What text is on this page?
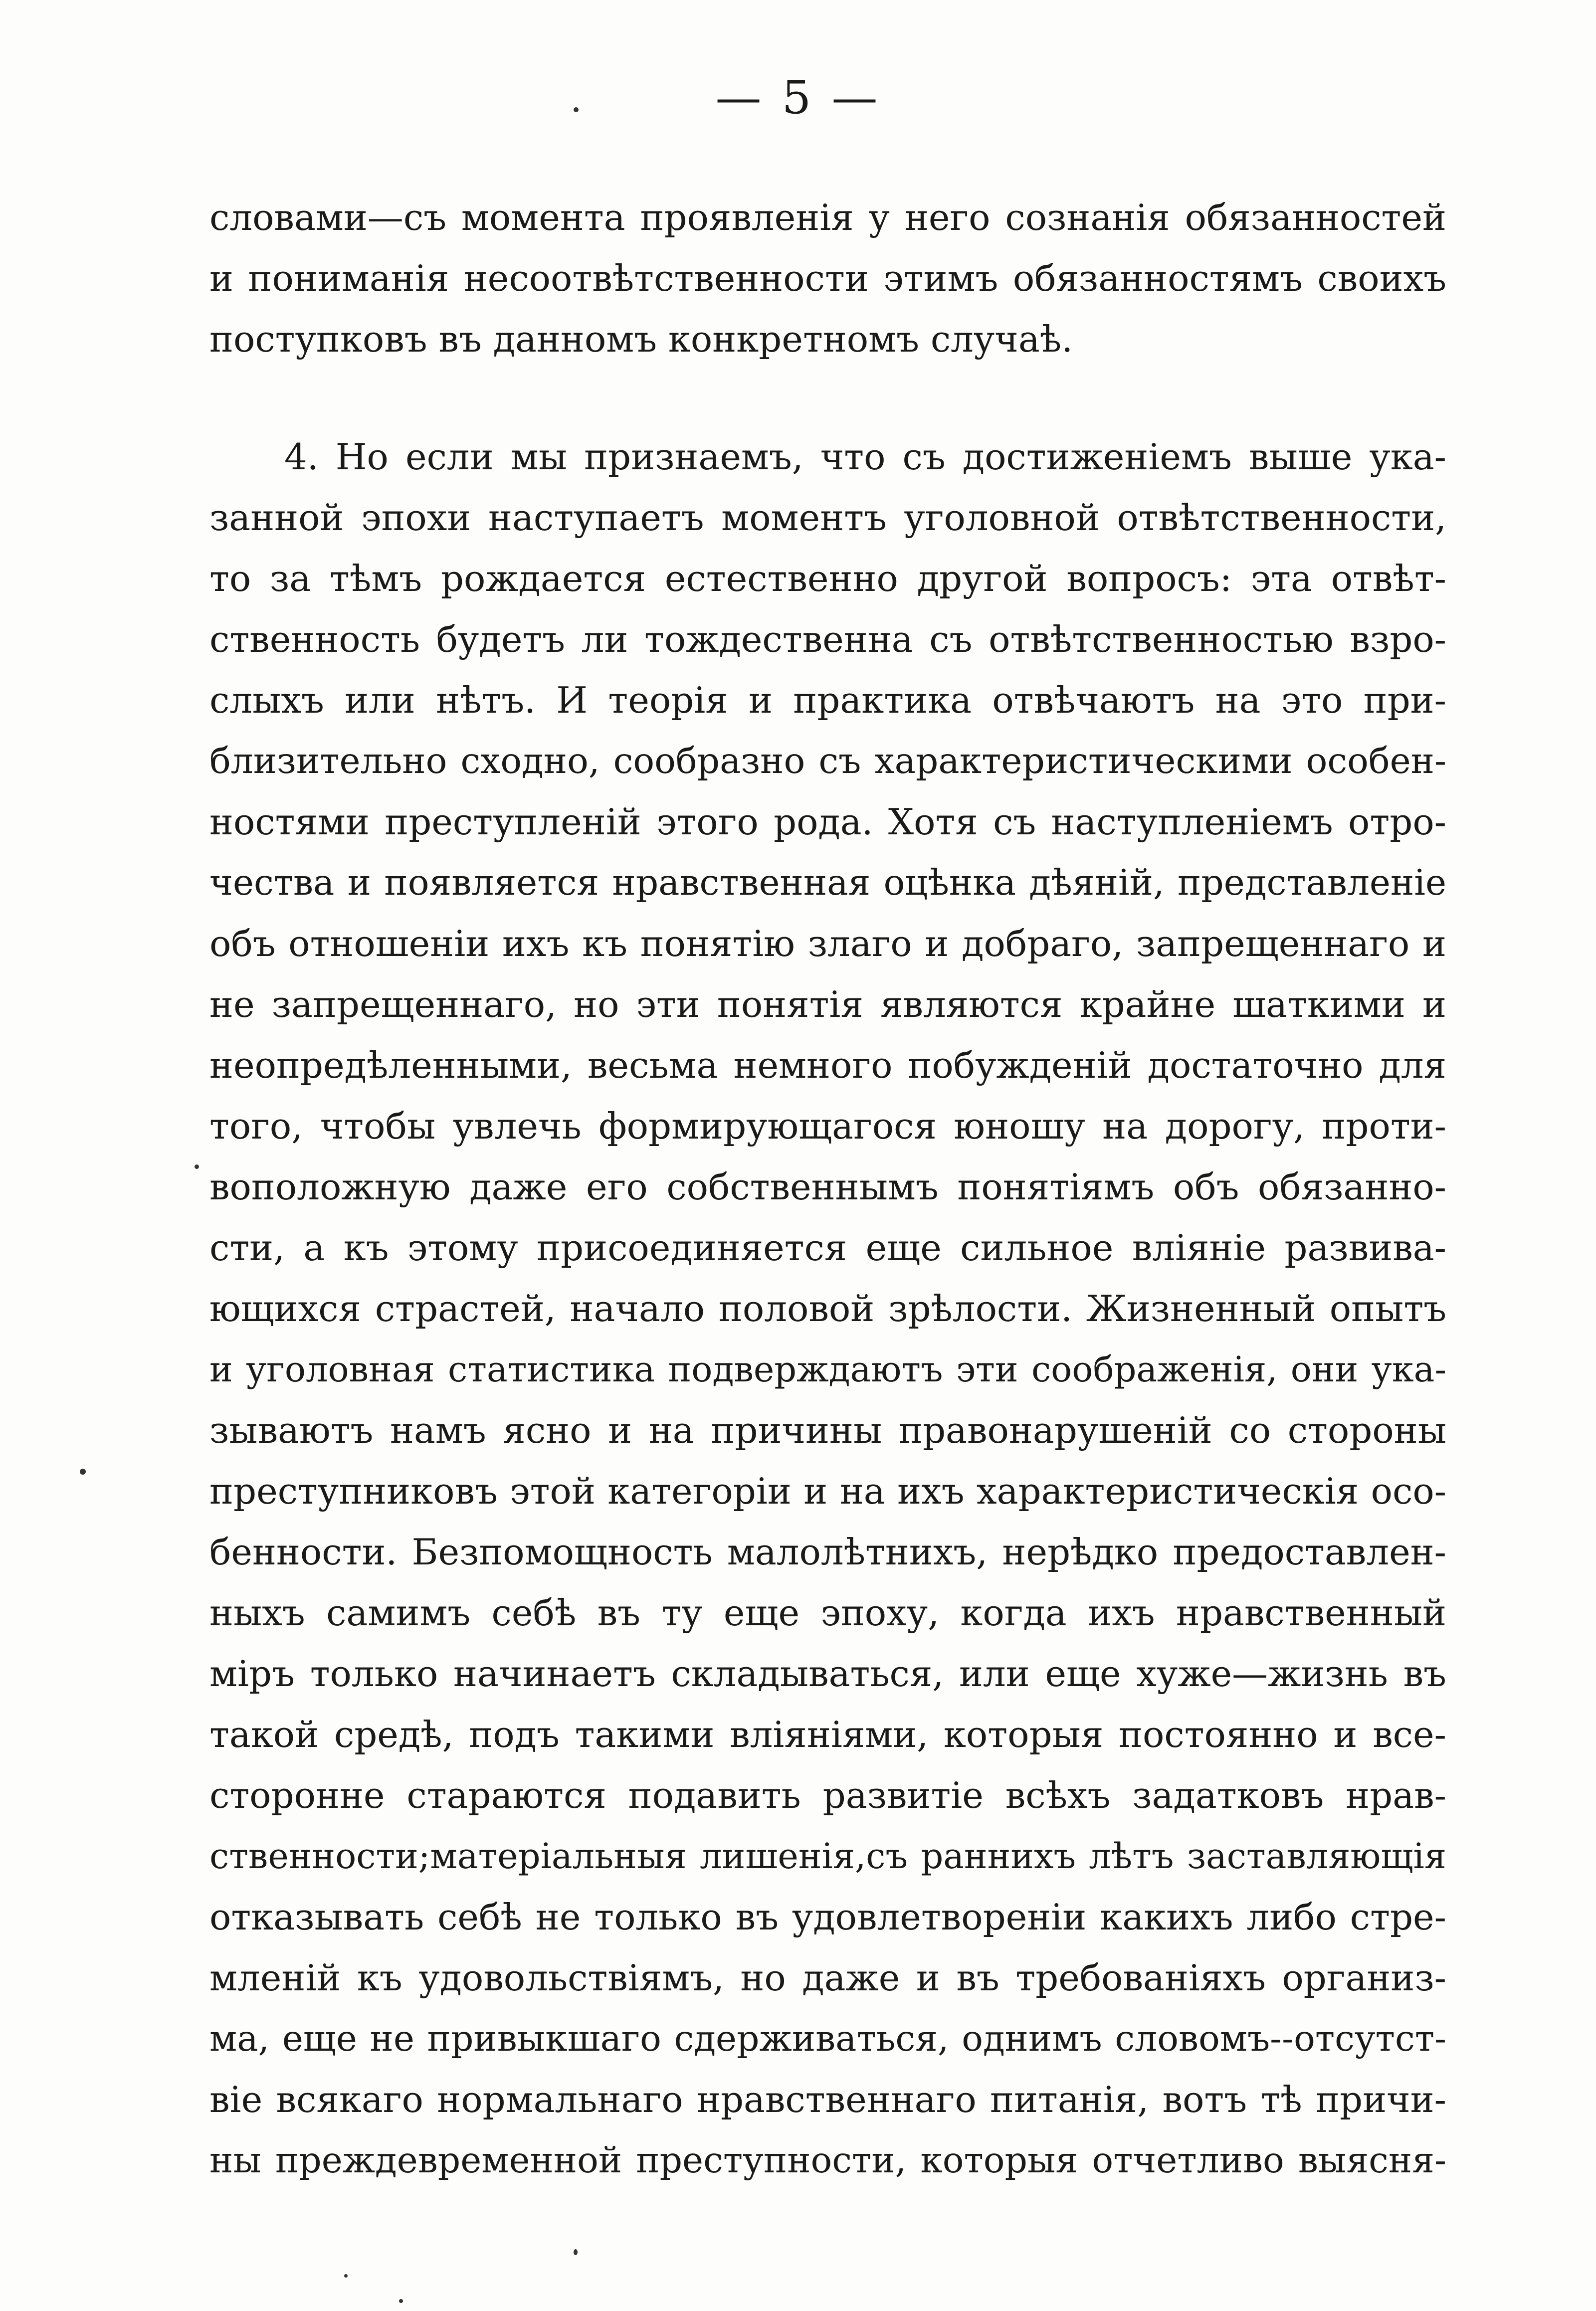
— 5 —
словами—съ момента проявленія у него сознанія обязанностей
и пониманія несоотвѣтственности этимъ обязанностямъ своихъ
поступковъ въ данномъ конкретномъ случаѣ.
4. Но если мы признаемъ, что съ достиженіемъ выше ука-
занной эпохи наступаетъ моментъ уголовной отвѣтственности,
то за тѣмъ рождается естественно другой вопросъ: эта отвѣт-
ственность будетъ ли тождественна съ отвѣтственностью взро-
слыхъ или нѣтъ. И теорія и практика отвѣчаютъ на это при-
близительно сходно, сообразно съ характеристическими особен-
ностями преступленій этого рода. Хотя съ наступленіемъ отро-
чества и появляется нравственная оцѣнка дѣяній, представленіе
объ отношеніи ихъ къ понятію злаго и добраго, запрещеннаго и
не запрещеннаго, но эти понятія являются крайне шаткими и
неопредѣленными, весьма немного побужденій достаточно для
того, чтобы увлечь формирующагося юношу на дорогу, проти-
воположную даже его собственнымъ понятіямъ объ обязанно-
сти, а къ этому присоединяется еще сильное вліяніе развива-
ющихся страстей, начало половой зрѣлости. Жизненный опытъ
и уголовная статистика подверждаютъ эти соображенія, они ука-
зываютъ намъ ясно и на причины правонарушеній со стороны
преступниковъ этой категоріи и на ихъ характеристическія осо-
бенности. Безпомощность малолѣтнихъ, нерѣдко предоставлен-
ныхъ самимъ себѣ въ ту еще эпоху, когда ихъ нравственный
міръ только начинаетъ складываться, или еще хуже—жизнь въ
такой средѣ, подъ такими вліяніями, которыя постоянно и все-
сторонне стараются подавить развитіе всѣхъ задатковъ нрав-
ственности;матеріальныя лишенія,съ раннихъ лѣтъ заставляющія
отказывать себѣ не только въ удовлетвореніи какихъ либо стре-
мленій къ удовольствіямъ, но даже и въ требованіяхъ организ-
ма, еще не привыкшаго сдерживаться, однимъ словомъ--отсутст-
віе всякаго нормальнаго нравственнаго питанія, вотъ тѣ причи-
ны преждевременной преступности, которыя отчетливо выясня-
